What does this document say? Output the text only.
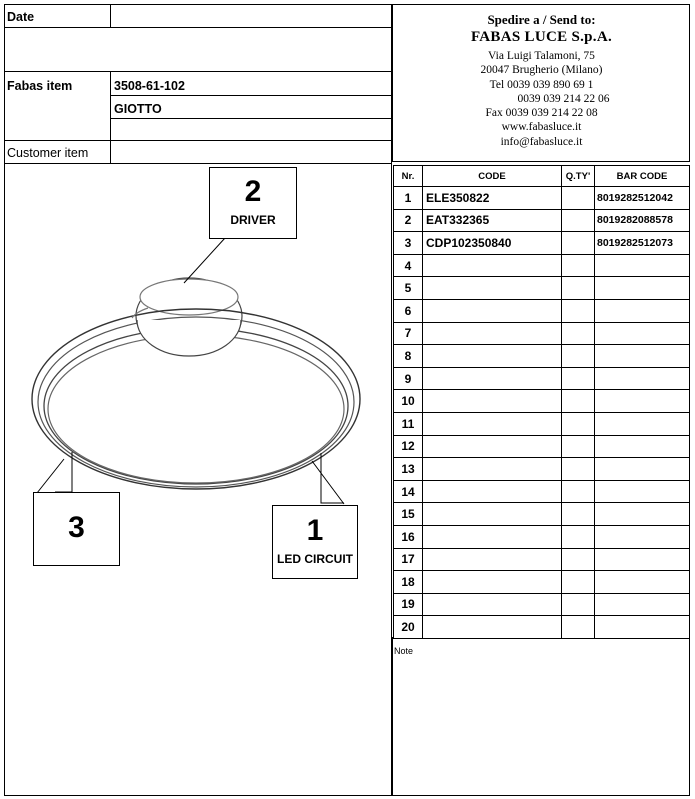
Date
Fabas item	3508-61-102
GIOTTO
Customer item
Spedire a / Send to:
FABAS LUCE S.p.A.
Via Luigi Talamoni, 75
20047 Brugherio (Milano)
Tel 0039 039 890 69 1
0039 039 214 22 06
Fax 0039 039 214 22 08
www.fabasluce.it
info@fabasluce.it
Nr.	CODE	Q.TY'	BAR CODE
1	ELE350822		8019282512042
2	EAT332365		8019282088578
3	CDP102350840		8019282512073
4			
5			
6			
7			
8			
9			
10			
11			
12			
13			
14			
15			
16			
17			
18			
19			
20			
Note
2
DRIVER
3	1
LED CIRCUIT
